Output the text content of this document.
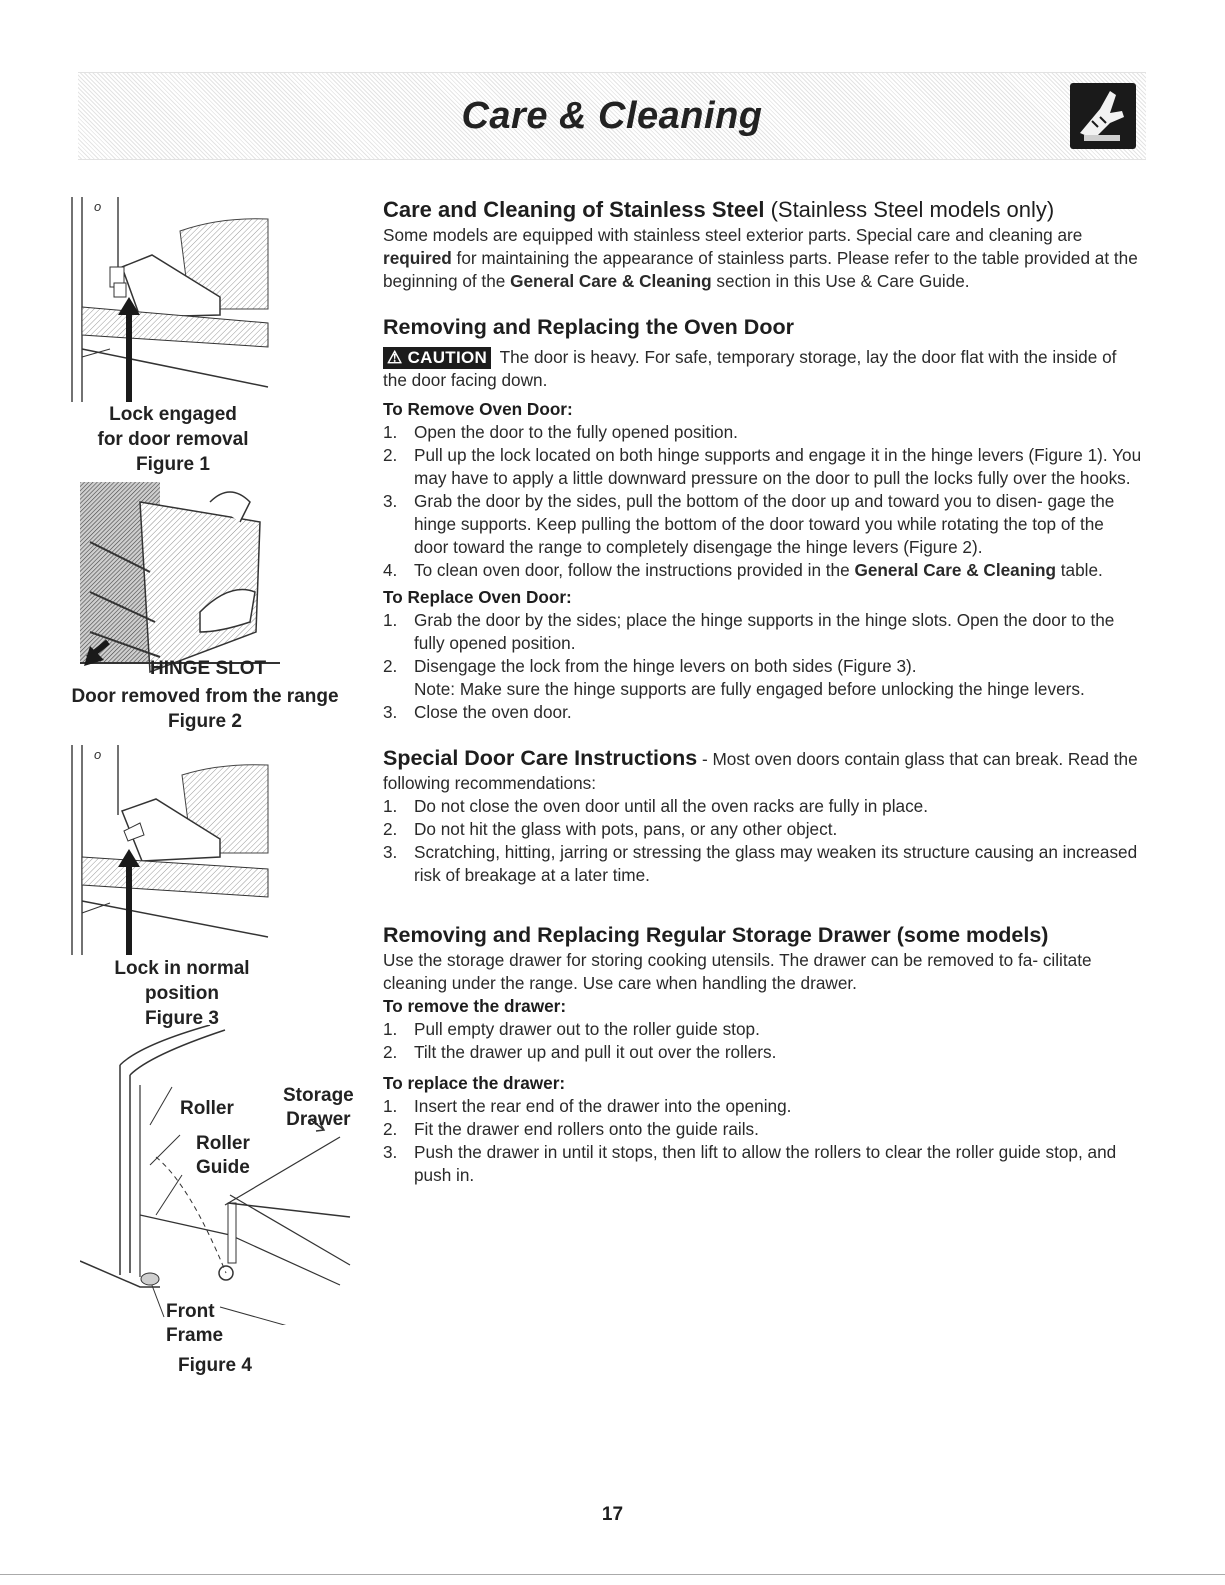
Care & Cleaning
o
Lock engaged
for door removal
Figure 1
HINGE SLOT
Door removed from the range
Figure 2
o
Lock in normal
position
Figure 3
Roller
Storage
Drawer
Roller
Guide
Front
Frame
Figure 4
Care and Cleaning of Stainless Steel (Stainless Steel models only)

Some models are equipped with stainless steel exterior parts. Special care and cleaning are required for maintaining the appearance of stainless parts. Please refer to the table provided at the beginning of the General Care & Cleaning section in this Use & Care Guide.

Removing and Replacing the Oven Door

⚠ CAUTION The door is heavy. For safe, temporary storage, lay the door flat with the inside of the door facing down.

To Remove Oven Door:
1. Open the door to the fully opened position.
2. Pull up the lock located on both hinge supports and engage it in the hinge levers (Figure 1). You may have to apply a little downward pressure on the door to pull the locks fully over the hooks.
3. Grab the door by the sides, pull the bottom of the door up and toward you to disen- gage the hinge supports. Keep pulling the bottom of the door toward you while rotating the top of the door toward the range to completely disengage the hinge levers (Figure 2).
4. To clean oven door, follow the instructions provided in the General Care & Cleaning table.
To Replace Oven Door:
1. Grab the door by the sides; place the hinge supports in the hinge slots. Open the door to the fully opened position.
2. Disengage the lock from the hinge levers on both sides (Figure 3).
Note: Make sure the hinge supports are fully engaged before unlocking the hinge levers.
3. Close the oven door.

Special Door Care Instructions - Most oven doors contain glass that can break. Read the following recommendations:

1. Do not close the oven door until all the oven racks are fully in place.
2. Do not hit the glass with pots, pans, or any other object.
3. Scratching, hitting, jarring or stressing the glass may weaken its structure causing an increased risk of breakage at a later time.
Removing and Replacing Regular Storage Drawer (some models)

Use the storage drawer for storing cooking utensils. The drawer can be removed to fa- cilitate cleaning under the range. Use care when handling the drawer.

To remove the drawer:
1. Pull empty drawer out to the roller guide stop.
2. Tilt the drawer up and pull it out over the rollers.
To replace the drawer:
1. Insert the rear end of the drawer into the opening.
2. Fit the drawer end rollers onto the guide rails.
3. Push the drawer in until it stops, then lift to allow the rollers to clear the roller guide stop, and push in.
17
